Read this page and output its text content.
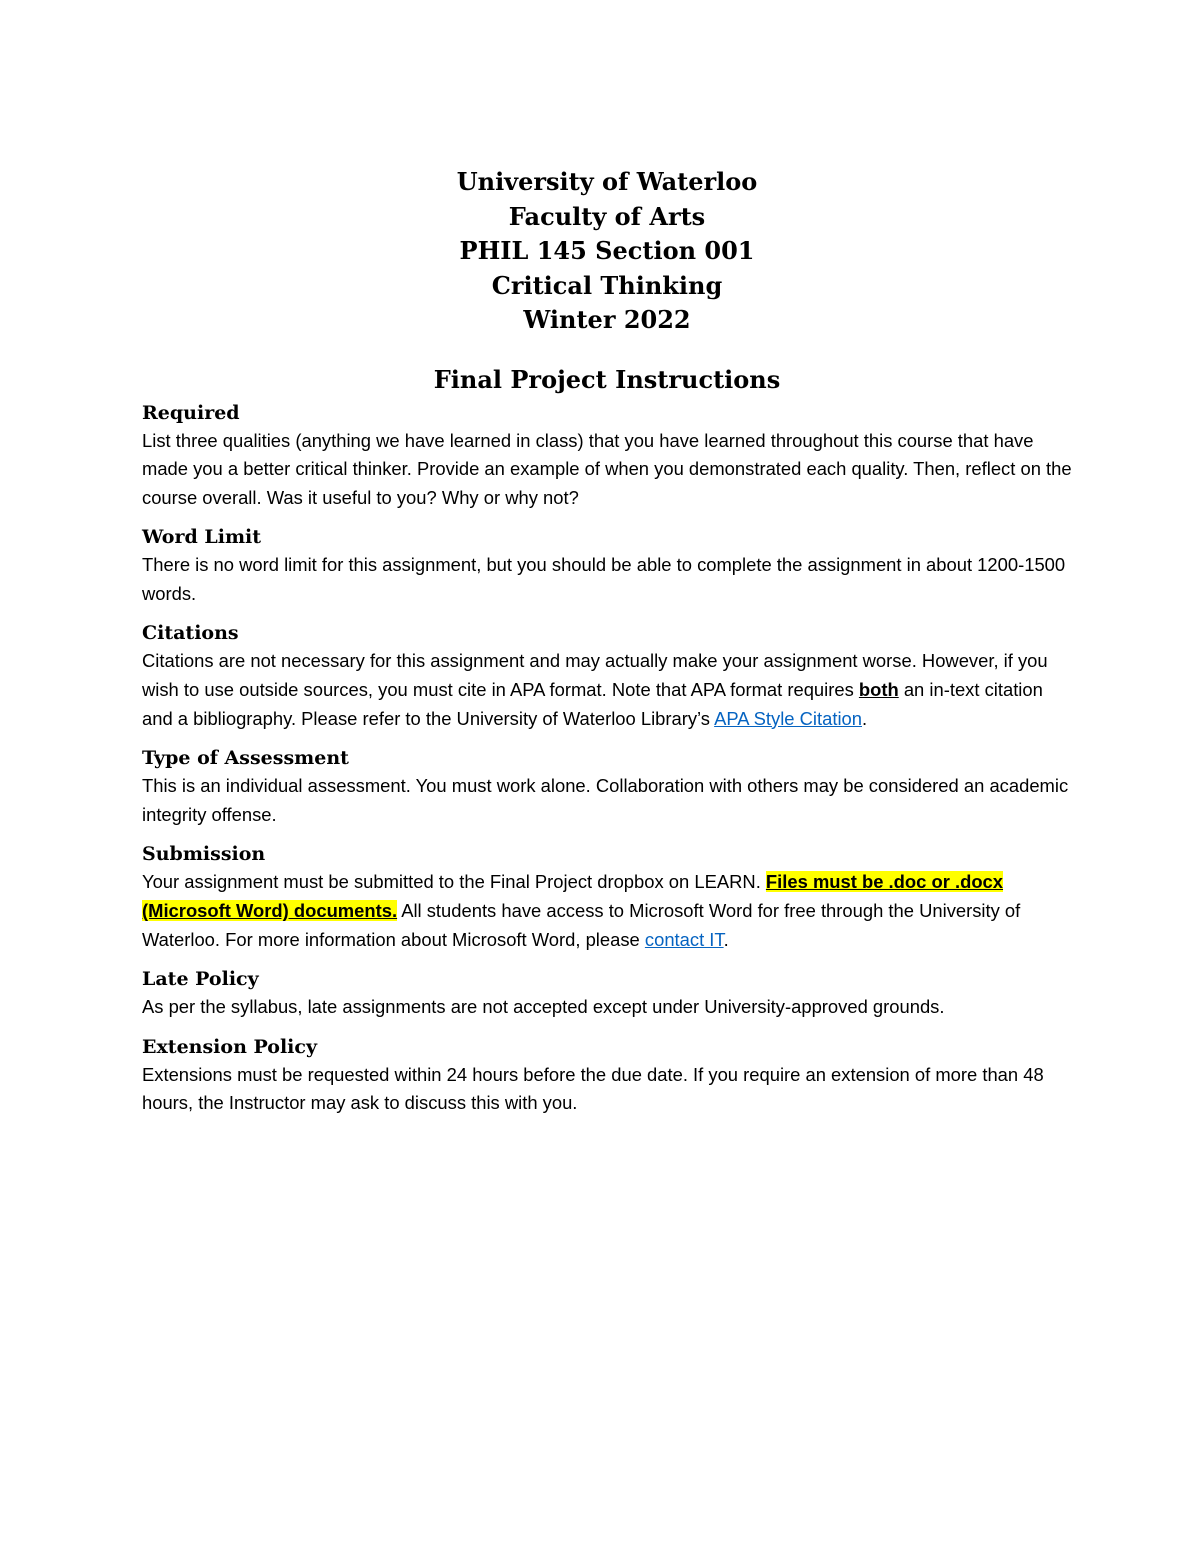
University of Waterloo
Faculty of Arts
PHIL 145 Section 001
Critical Thinking
Winter 2022
Final Project Instructions
Required
List three qualities (anything we have learned in class) that you have learned throughout this course that have made you a better critical thinker. Provide an example of when you demonstrated each quality. Then, reflect on the course overall. Was it useful to you? Why or why not?
Word Limit
There is no word limit for this assignment, but you should be able to complete the assignment in about 1200-1500 words.
Citations
Citations are not necessary for this assignment and may actually make your assignment worse. However, if you wish to use outside sources, you must cite in APA format. Note that APA format requires both an in-text citation and a bibliography. Please refer to the University of Waterloo Library’s APA Style Citation.
Type of Assessment
This is an individual assessment. You must work alone. Collaboration with others may be considered an academic integrity offense.
Submission
Your assignment must be submitted to the Final Project dropbox on LEARN. Files must be .doc or .docx (Microsoft Word) documents. All students have access to Microsoft Word for free through the University of Waterloo. For more information about Microsoft Word, please contact IT.
Late Policy
As per the syllabus, late assignments are not accepted except under University-approved grounds.
Extension Policy
Extensions must be requested within 24 hours before the due date. If you require an extension of more than 48 hours, the Instructor may ask to discuss this with you.
